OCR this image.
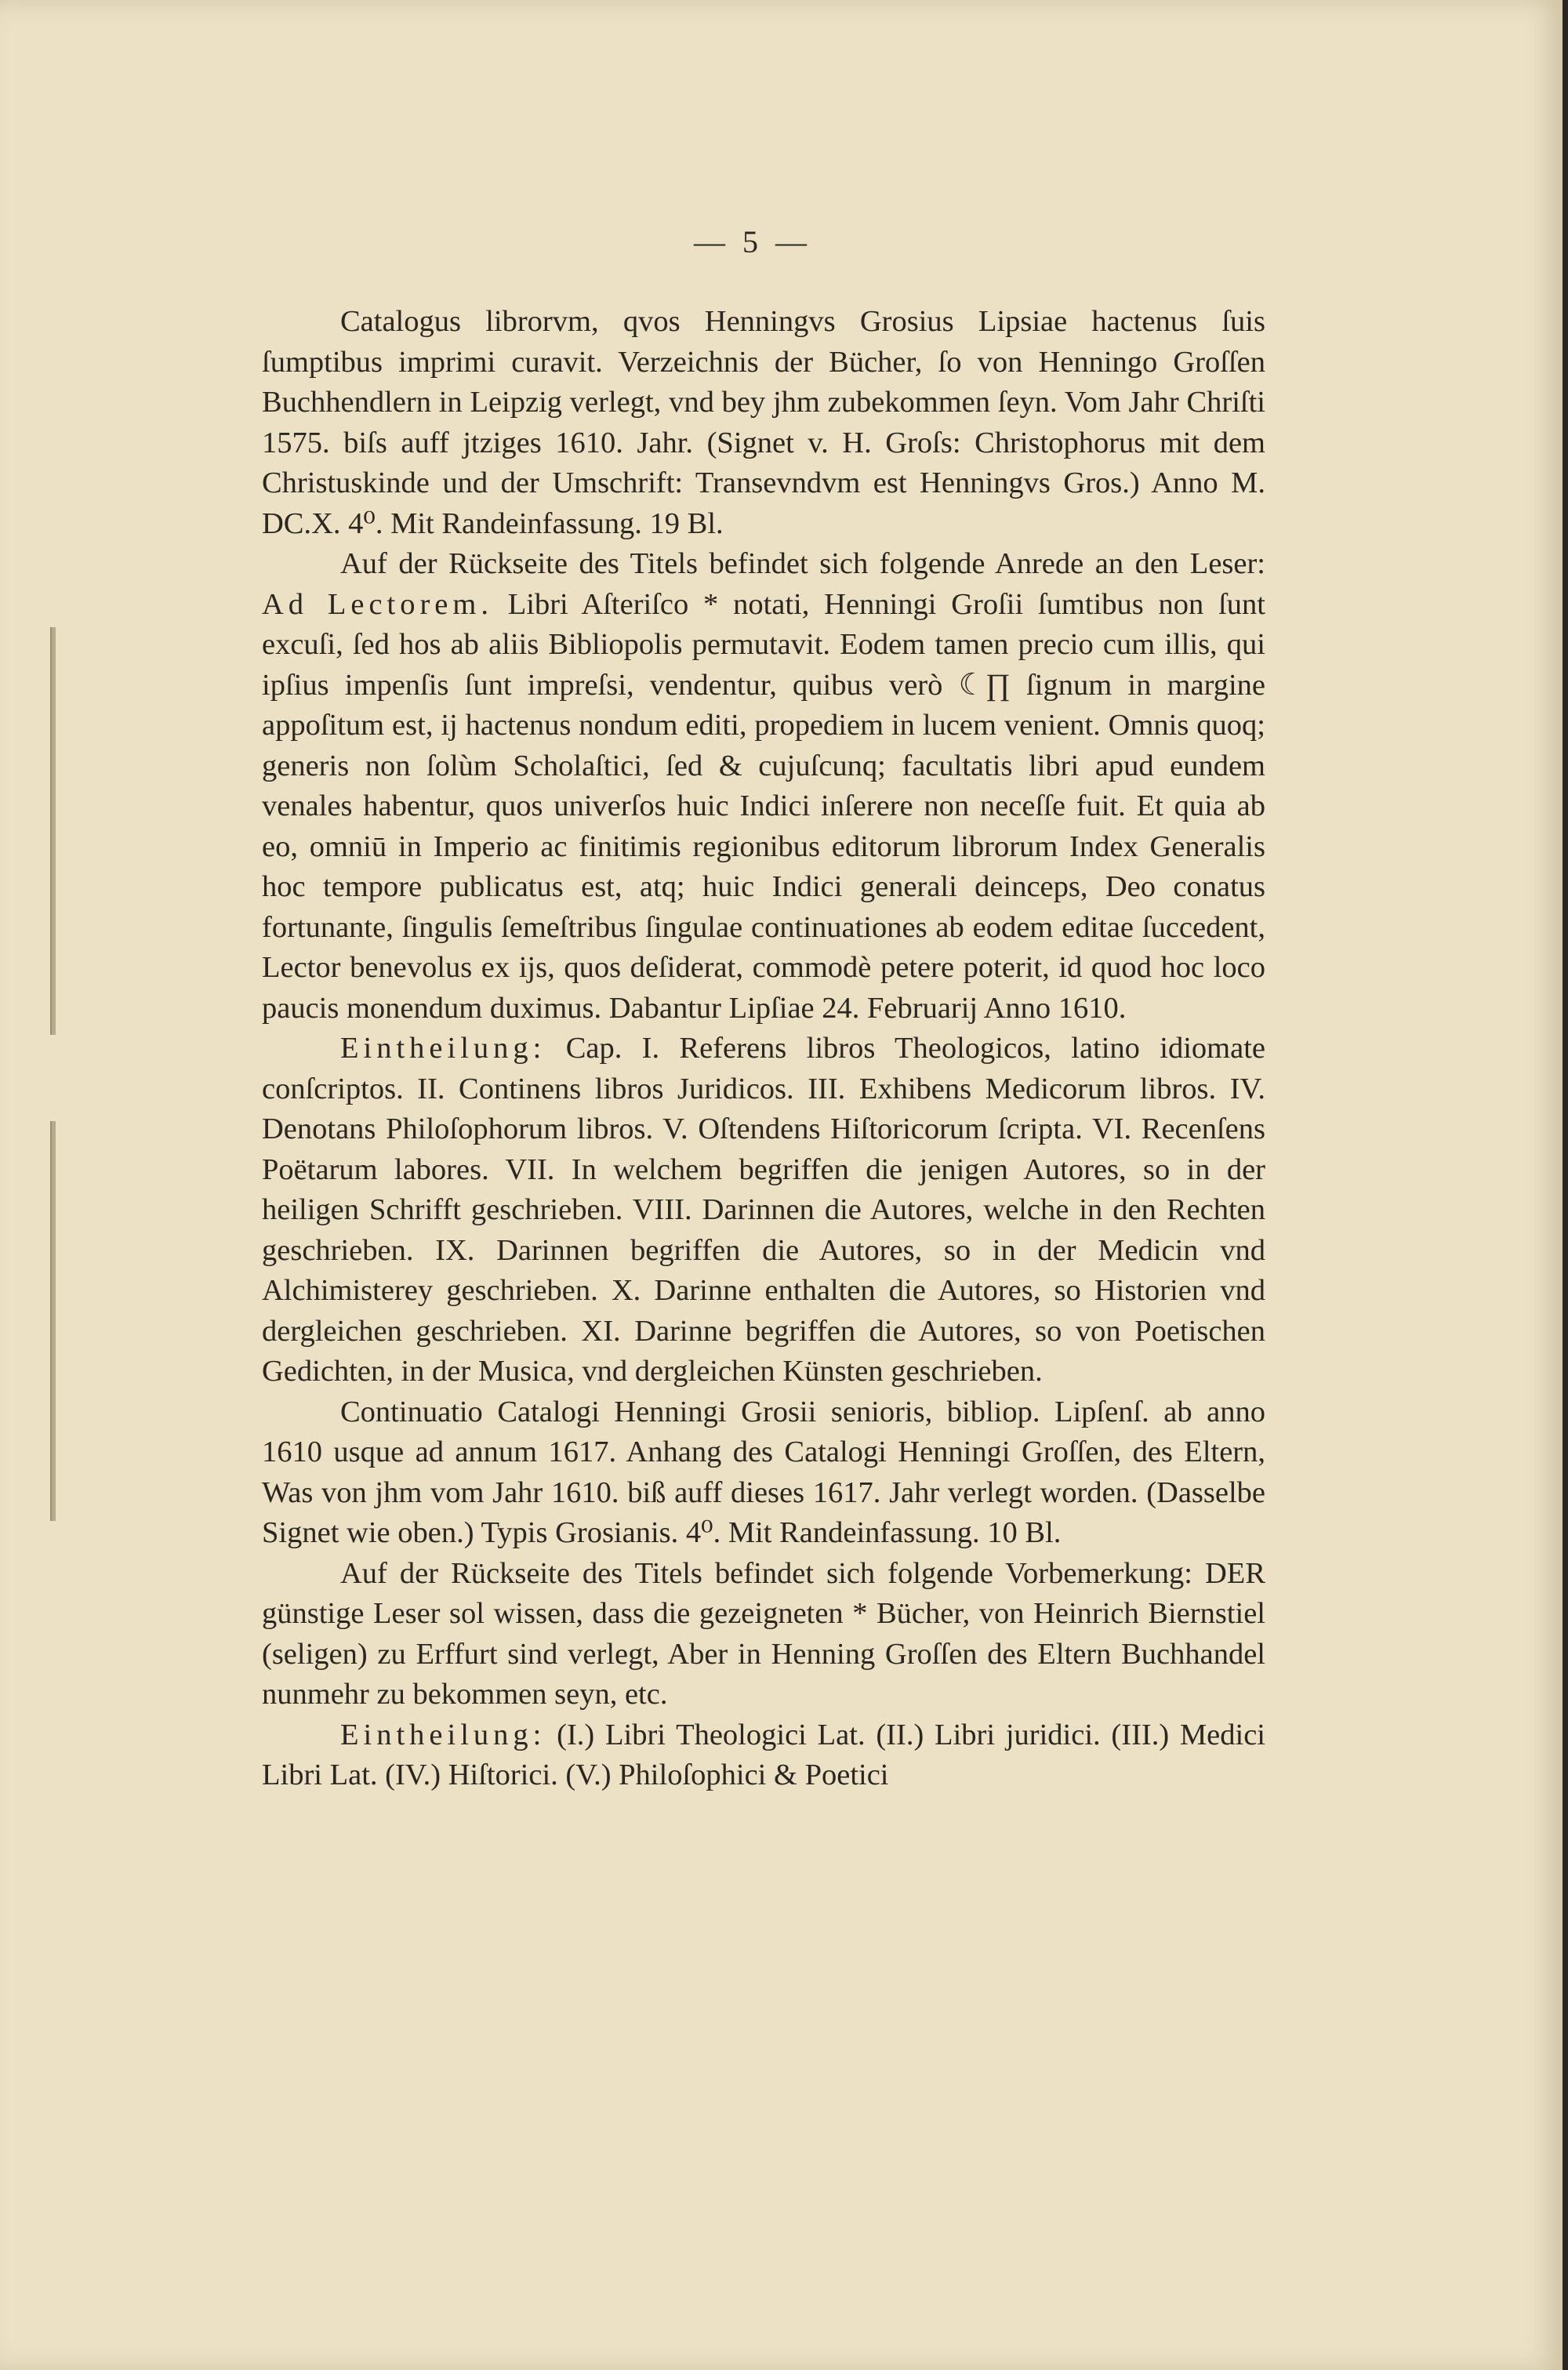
— 5 —

Catalogus librorvm, qvos Henningvs Grosius Lipsiae hactenus ſuis ſumptibus imprimi curavit. Verzeichnis der Bücher, ſo von Henningo Groſſen Buchhendlern in Leipzig verlegt, vnd bey jhm zubekommen ſeyn. Vom Jahr Chriſti 1575. biſs auff jtziges 1610. Jahr. (Signet v. H. Groſs: Christophorus mit dem Christuskinde und der Umschrift: Transevndvm est Henningvs Gros.) Anno M. DC.X. 4⁰. Mit Randeinfassung. 19 Bl.

Auf der Rückseite des Titels befindet sich folgende Anrede an den Leser: Ad Lectorem. Libri Aſteriſco * notati, Henningi Groſii ſumtibus non ſunt excuſi, ſed hos ab aliis Bibliopolis permutavit. Eodem tamen precio cum illis, qui ipſius impenſis ſunt impreſsi, vendentur, quibus verò ☾∏ ſignum in margine appoſitum est, ij hactenus nondum editi, propediem in lucem venient. Omnis quoq; generis non ſolùm Scholaſtici, ſed & cujuſcunq; facultatis libri apud eundem venales habentur, quos univerſos huic Indici inſerere non neceſſe fuit. Et quia ab eo, omniū in Imperio ac finitimis regionibus editorum librorum Index Generalis hoc tempore publicatus est, atq; huic Indici generali deinceps, Deo conatus fortunante, ſingulis ſemeſtribus ſingulae continuationes ab eodem editae ſuccedent, Lector benevolus ex ijs, quos deſiderat, commodè petere poterit, id quod hoc loco paucis monendum duximus. Dabantur Lipſiae 24. Februarij Anno 1610.

Eintheilung: Cap. I. Referens libros Theologicos, latino idiomate conſcriptos. II. Continens libros Juridicos. III. Exhibens Medicorum libros. IV. Denotans Philoſophorum libros. V. Oſtendens Hiſtoricorum ſcripta. VI. Recenſens Poëtarum labores. VII. In welchem begriffen die jenigen Autores, so in der heiligen Schrifft geschrieben. VIII. Darinnen die Autores, welche in den Rechten geschrieben. IX. Darinnen begriffen die Autores, so in der Medicin vnd Alchimisterey geschrieben. X. Darinne enthalten die Autores, so Historien vnd dergleichen geschrieben. XI. Darinne begriffen die Autores, so von Poetischen Gedichten, in der Musica, vnd dergleichen Künsten geschrieben.

Continuatio Catalogi Henningi Grosii senioris, bibliop. Lipſenſ. ab anno 1610 usque ad annum 1617. Anhang des Catalogi Henningi Groſſen, des Eltern, Was von jhm vom Jahr 1610. biß auff dieses 1617. Jahr verlegt worden. (Dasselbe Signet wie oben.) Typis Grosianis. 4⁰. Mit Randeinfassung. 10 Bl.

Auf der Rückseite des Titels befindet sich folgende Vorbemerkung: DER günstige Leser sol wissen, dass die gezeigneten * Bücher, von Heinrich Biernstiel (seligen) zu Erffurt sind verlegt, Aber in Henning Groſſen des Eltern Buchhandel nunmehr zu bekommen seyn, etc.

Eintheilung: (I.) Libri Theologici Lat. (II.) Libri juridici. (III.) Medici Libri Lat. (IV.) Hiſtorici. (V.) Philoſophici & Poetici
